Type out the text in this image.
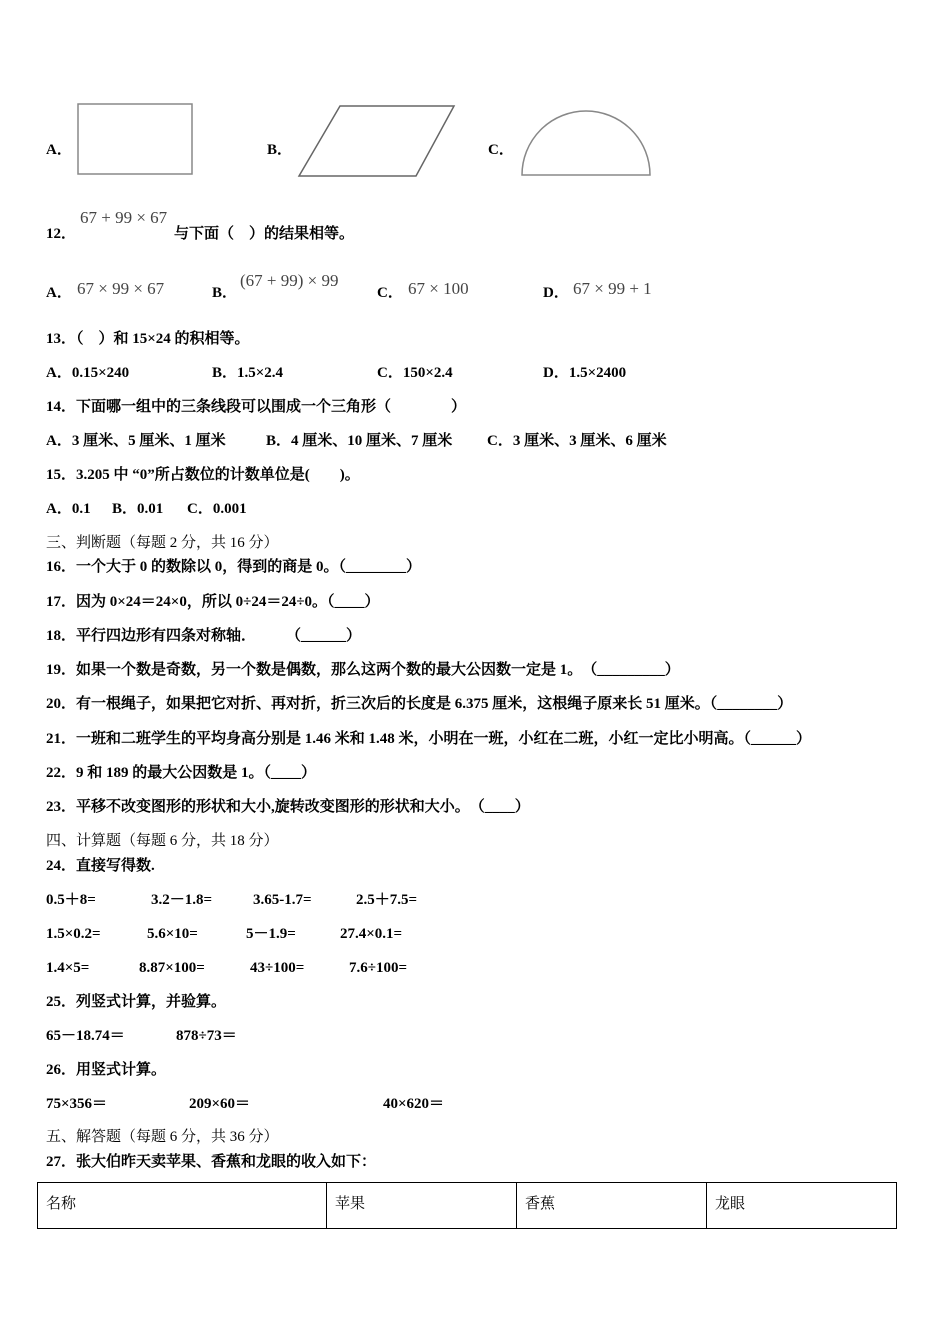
A．	B．	C．
12．
67 + 99 × 67
与下面（　）的结果相等。
A． 67 × 99 × 67	B．
(67 + 99) × 99
C． 67 × 100	D． 67 × 99 + 1
13．（　）和 15×24 的积相等。
A．0.15×240	B．1.5×2.4	C．150×2.4	D．1.5×2400
14．下面哪一组中的三条线段可以围成一个三角形（　　　　）
A．3 厘米、5 厘米、1 厘米	B．4 厘米、10 厘米、7 厘米 C．3 厘米、3 厘米、6 厘米
15．3.205 中 “0”所占数位的计数单位是(　　)。
A．0.1 B．0.01 C．0.001
三、判断题（每题 2 分，共 16 分）
16．一个大于 0 的数除以 0，得到的商是 0。（________）
17．因为 0×24＝24×0，所以 0÷24＝24÷0。（____）
18．平行四边形有四条对称轴．　　　（______）
19．如果一个数是奇数，另一个数是偶数，那么这两个数的最大公因数一定是 1。　（_________）
20．有一根绳子，如果把它对折、再对折，折三次后的长度是 6.375 厘米，这根绳子原来长 51 厘米。（________）
21．一班和二班学生的平均身高分别是 1.46 米和 1.48 米，小明在一班，小红在二班，小红一定比小明高。（______）
22．9 和 189 的最大公因数是 1。（____）
23．平移不改变图形的形状和大小,旋转改变图形的形状和大小。　（____）
四、计算题（每题 6 分，共 18 分）
24．直接写得数.
0.5＋8=	3.2－1.8=	3.65-1.7=	2.5＋7.5=
1.5×0.2=	5.6×10=	5－1.9=	27.4×0.1=
1.4×5=	8.87×100=	43÷100=	7.6÷100=
25．列竖式计算，并验算。
65－18.74＝	878÷73＝
26．用竖式计算。
75×356＝	209×60＝	40×620＝
五、解答题（每题 6 分，共 36 分）
27．张大伯昨天卖苹果、香蕉和龙眼的收入如下：
名称	苹果	香蕉	龙眼
